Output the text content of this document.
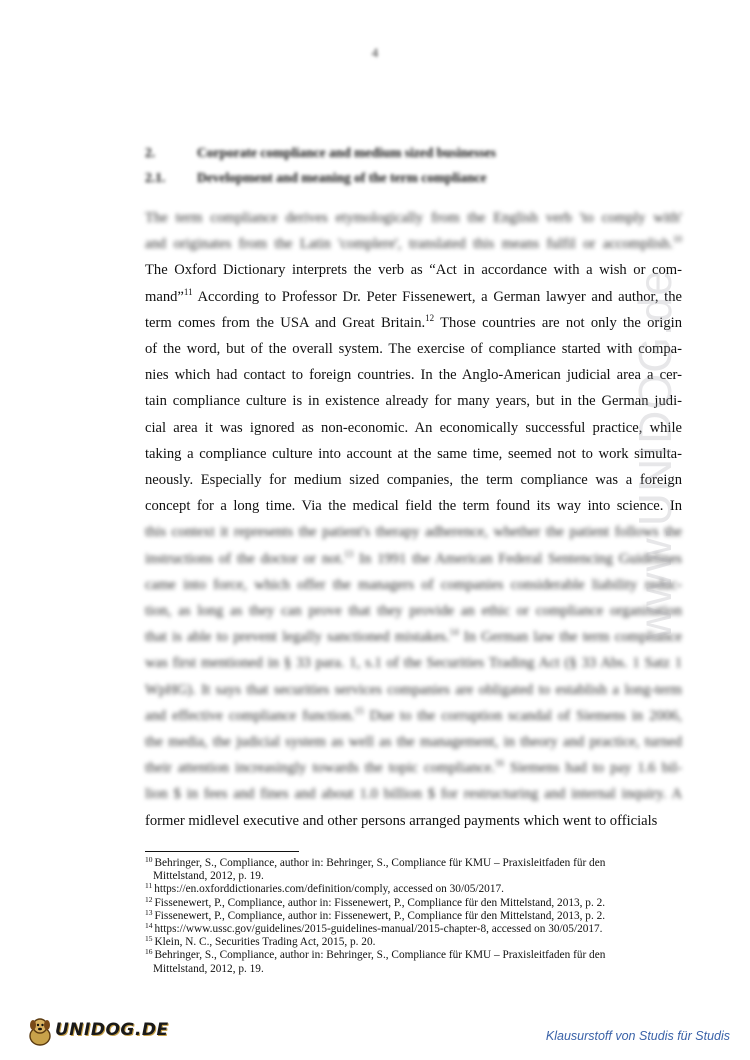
4
2.	Corporate compliance and medium sized businesses
2.1. Development and meaning of the term compliance
The term compliance derives etymologically from the English verb 'to comply with'
and originates from the Latin 'complere', translated this means fulfil or accomplish.$^{10}$
The Oxford Dictionary interprets the verb as “Act in accordance with a wish or com-
mand”$^{11}$ According to Professor Dr. Peter Fissenewert, a German lawyer and author, the
term comes from the USA and Great Britain.$^{12}$ Those countries are not only the origin
of the word, but of the overall system. The exercise of compliance started with compa-
nies which had contact to foreign countries. In the Anglo-American judicial area a cer-
tain compliance culture is in existence already for many years, but in the German judi-
cial area it was ignored as non-economic. An economically successful practice, while
taking a compliance culture into account at the same time, seemed not to work simulta-
neously. Especially for medium sized companies, the term compliance was a foreign
concept for a long time. Via the medical field the term found its way into science. In
this context it represents the patient's therapy adherence, whether the patient follows the
instructions of the doctor or not.$^{13}$ In 1991 the American Federal Sentencing Guidelines
came into force, which offer the managers of companies considerable liability reduc-
tion, as long as they can prove that they provide an ethic or compliance organisation
that is able to prevent legally sanctioned mistakes.$^{14}$ In German law the term compliance
was first mentioned in § 33 para. 1, s.1 of the Securities Trading Act (§ 33 Abs. 1 Satz 1
WpHG). It says that securities services companies are obligated to establish a long-term
and effective compliance function.$^{15}$ Due to the corruption scandal of Siemens in 2006,
the media, the judicial system as well as the management, in theory and practice, turned
their attention increasingly towards the topic compliance.$^{16}$ Siemens had to pay 1.6 bil-
lion $ in fees and fines and about 1.0 billion $ for restructuring and internal inquiry. A
former midlevel executive and other persons arranged payments which went to officials
$^{10}$ Behringer, S., Compliance, author in: Behringer, S., Compliance für KMU – Praxisleitfaden für den
Mittelstand, 2012, p. 19.
$^{11}$ https://en.oxforddictionaries.com/definition/comply, accessed on 30/05/2017.
$^{12}$ Fissenewert, P., Compliance, author in: Fissenewert, P., Compliance für den Mittelstand, 2013, p. 2.
$^{13}$ Fissenewert, P., Compliance, author in: Fissenewert, P., Compliance für den Mittelstand, 2013, p. 2.
$^{14}$ https://www.ussc.gov/guidelines/2015-guidelines-manual/2015-chapter-8, accessed on 30/05/2017.
$^{15}$ Klein, N. C., Securities Trading Act, 2015, p. 20.
$^{16}$ Behringer, S., Compliance, author in: Behringer, S., Compliance für KMU – Praxisleitfaden für den
Mittelstand, 2012, p. 19.
www.UNIDOG.de
UNIDOG.DE	Klausurstoff von Studis für Studis
